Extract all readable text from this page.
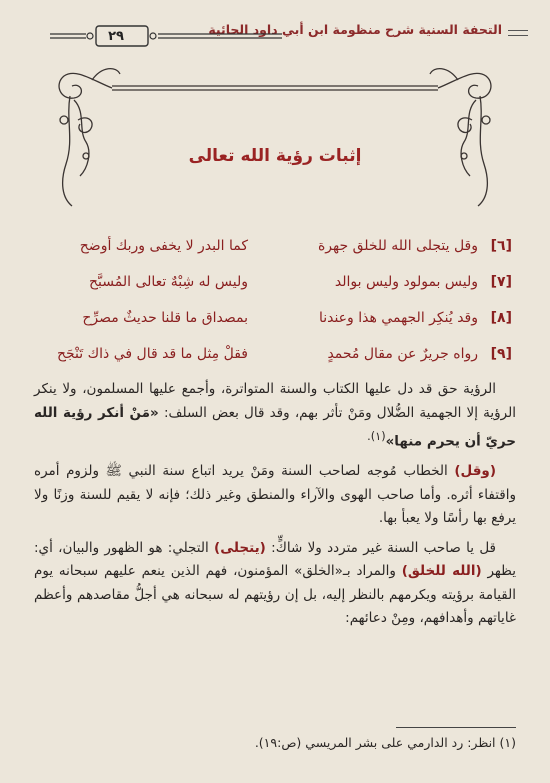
التحفة السنية شرح منظومة ابن أبي داود الحائية
٢٩
إثبات رؤية الله تعالى
[٦]
وقل يتجلى الله للخلق جهرة
كما البدر لا يخفى وربك أوضح
[٧]
وليس بمولود وليس بوالد
وليس له شِبْهٌ تعالى المُسبَّح
[٨]
وقد يُنكِر الجهمي هذا وعندنا
بمصداق ما قلنا حديثٌ مصرِّح
[٩]
رواه جريرٌ عن مقال مُحمدٍ
فقلْ مِثل ما قد قال في ذاك تَنْجَح

الرؤية حق قد دل عليها الكتاب والسنة المتواترة، وأجمع عليها المسلمون، ولا ينكر الرؤية إلا الجهمية الضُّلال ومَنْ تأثر بهم، وقد قال بعض السلف: «مَنْ أنكر رؤية الله حريّ أن يحرم منها»$^{(١).}$

(وقل) الخطاب مُوجه لصاحب السنة ومَنْ يريد اتباع سنة النبي ﷺ ولزوم أمره واقتفاء أثره. وأما صاحب الهوى والآراء والمنطق وغير ذلك؛ فإنه لا يقيم للسنة وزنًا ولا يرفع بها رأسًا ولا يعبأ بها.

قل يا صاحب السنة غير متردد ولا شاكٍّ: (يتجلى) التجلي: هو الظهور والبيان، أي: يظهر (الله للخلق) والمراد بـ«الخلق» المؤمنون، فهم الذين ينعم عليهم سبحانه يوم القيامة برؤيته ويكرمهم بالنظر إليه، بل إن رؤيتهم له سبحانه هي أجلُّ مقاصدهم وأعظم غاياتهم وأهدافهم، ومِنْ دعائهم:

(١) انظر: رد الدارمي على بشر المريسي (ص:١٩).
